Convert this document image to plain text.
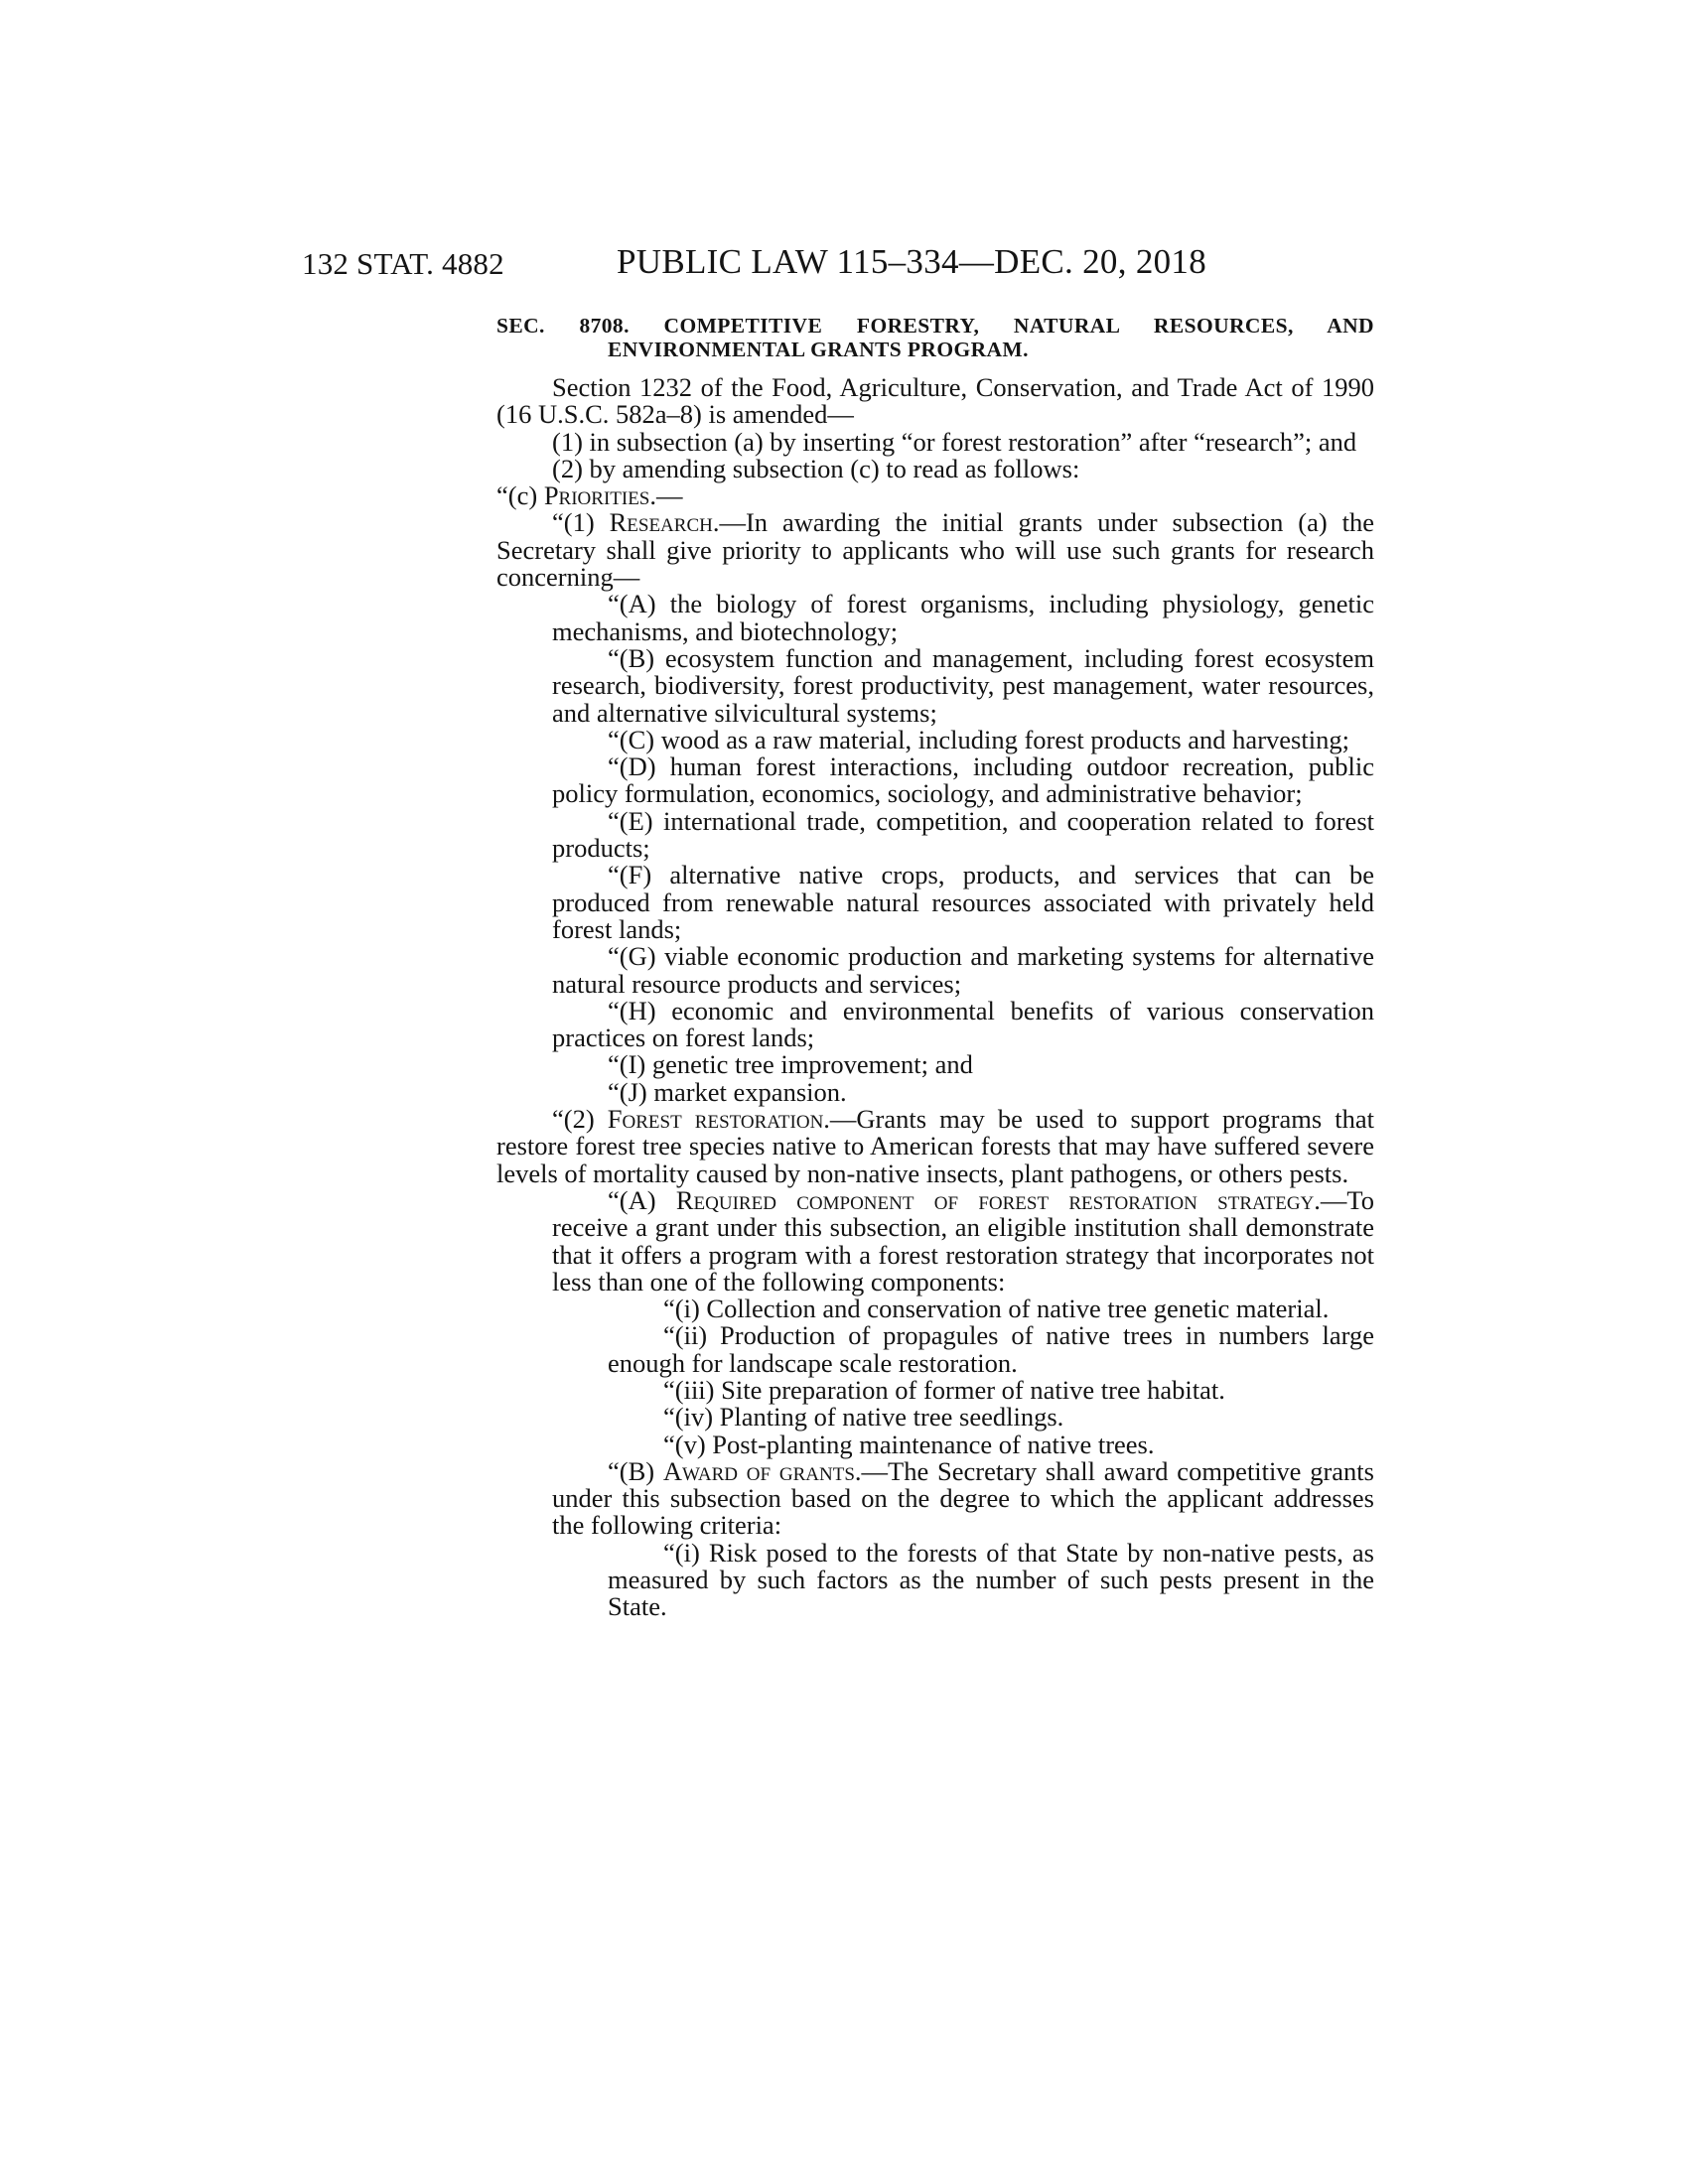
132 STAT. 4882	PUBLIC LAW 115–334—DEC. 20, 2018
SEC. 8708. COMPETITIVE FORESTRY, NATURAL RESOURCES, AND ENVIRONMENTAL GRANTS PROGRAM.

Section 1232 of the Food, Agriculture, Conservation, and Trade Act of 1990 (16 U.S.C. 582a–8) is amended—

(1) in subsection (a) by inserting “or forest restoration” after “research”; and

(2) by amending subsection (c) to read as follows:

“(c) Priorities.—

“(1) Research.—In awarding the initial grants under subsection (a) the Secretary shall give priority to applicants who will use such grants for research concerning—

“(A) the biology of forest organisms, including physiology, genetic mechanisms, and biotechnology;

“(B) ecosystem function and management, including forest ecosystem research, biodiversity, forest productivity, pest management, water resources, and alternative silvicultural systems;

“(C) wood as a raw material, including forest products and harvesting;

“(D) human forest interactions, including outdoor recreation, public policy formulation, economics, sociology, and administrative behavior;

“(E) international trade, competition, and cooperation related to forest products;

“(F) alternative native crops, products, and services that can be produced from renewable natural resources associated with privately held forest lands;

“(G) viable economic production and marketing systems for alternative natural resource products and services;

“(H) economic and environmental benefits of various conservation practices on forest lands;

“(I) genetic tree improvement; and

“(J) market expansion.

“(2) Forest restoration.—Grants may be used to support programs that restore forest tree species native to American forests that may have suffered severe levels of mortality caused by non-native insects, plant pathogens, or others pests.

“(A) Required component of forest restoration strategy.—To receive a grant under this subsection, an eligible institution shall demonstrate that it offers a program with a forest restoration strategy that incorporates not less than one of the following components:

“(i) Collection and conservation of native tree genetic material.

“(ii) Production of propagules of native trees in numbers large enough for landscape scale restoration.

“(iii) Site preparation of former of native tree habitat.

“(iv) Planting of native tree seedlings.

“(v) Post-planting maintenance of native trees.

“(B) Award of grants.—The Secretary shall award competitive grants under this subsection based on the degree to which the applicant addresses the following criteria:

“(i) Risk posed to the forests of that State by non-native pests, as measured by such factors as the number of such pests present in the State.
